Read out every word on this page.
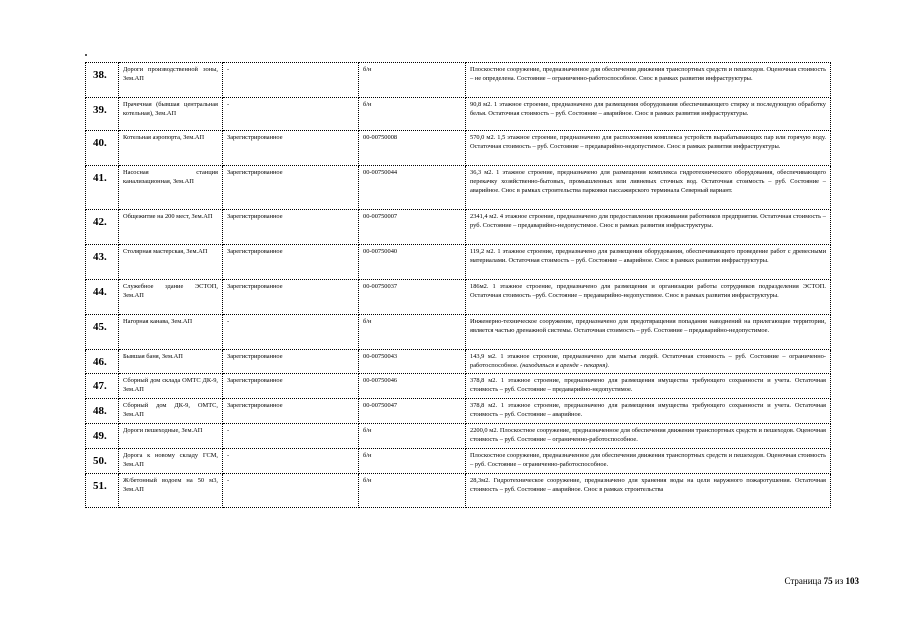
38.	Дороги производственной зоны, Зем.АП	-	б/н	Плоскостное сооружение, предназначенное для обеспечения движения транспортных средств и пешеходов. Оценочная стоимость – не определена. Состояние – ограниченно-работоспособное. Снос в рамках развития инфраструктуры.
39.	Прачечная (бывшая центральная котельная), Зем.АП	-	б/н	90,8 м2. 1 этажное строение, предназначено для размещения оборудования обеспечивающего стирку и последующую обработку белья. Остаточная стоимость – руб. Состояние – аварийное. Снос в рамках развития инфраструктуры.
40.	Котельная аэропорта, Зем.АП	Зарегистрированное	00-00750008	570,0 м2. 1,5 этажное строение, предназначено для расположения комплекса устройств вырабатывающих пар или горячую воду. Остаточная стоимость – руб. Состояние – предаварийно-недопустимое. Снос в рамках развития инфраструктуры.
41.	Насосная станция канализационная, Зем.АП	Зарегистрированное	00-00750044	36,3 м2. 1 этажное строение, предназначено для размещения комплекса гидротехнического оборудования, обеспечивающего перекачку хозяйственно-бытовых, промышленных или ливневых сточных вод. Остаточная стоимость – руб. Состояние – аварийное. Снос в рамках строительства парковки пассажирского терминала Северный вариант.
42.	Общежитие на 200 мест, Зем.АП	Зарегистрированное	00-00750007	2341,4 м2. 4 этажное строение, предназначено для предоставления проживания работников предприятия. Остаточная стоимость – руб. Состояние – предаварийно-недопустимое. Снос в рамках развития инфраструктуры.
43.	Столярная мастерская, Зем.АП	Зарегистрированное	00-00750040	119,2 м2. 1 этажное строение, предназначено для размещения оборудования, обеспечивающего проведение работ с древесными материалами. Остаточная стоимость – руб. Состояние – аварийное. Снос в рамках развития инфраструктуры.
44.	Служебное здание ЭСТОП, Зем.АП	Зарегистрированное	00-00750037	186м2. 1 этажное строение, предназначено для размещения и организации работы сотрудников подразделения ЭСТОП. Остаточная стоимость –руб. Состояние – предаварийно-недопустимое. Снос в рамках развития инфраструктуры.
45.	Нагорная канава, Зем.АП	-	б/н	Инженерно-техническое сооружение, предназначено для предотвращения попадания наводнений на прилегающие территории, является частью дренажной системы. Остаточная стоимость – руб. Состояние – предаварийно-недопустимое.
46.	Бывшая баня, Зем.АП	Зарегистрированное	00-00750043	143,9 м2. 1 этажное строение, предназначено для мытья людей. Остаточная стоимость – руб. Состояние – ограниченно-работоспособное. (находиться в аренде - пекарня).
47.	Сборный дом склада ОМТС ДК-9, Зем.АП	Зарегистрированное	00-00750046	378,8 м2. 1 этажное строение, предназначено для размещения имущества требующего сохранности и учета. Остаточная стоимость – руб. Состояние – предаварийно-недопустимое.
48.	Сборный дом ДК-9, ОМТС, Зем.АП	Зарегистрированное	00-00750047	378,8 м2. 1 этажное строение, предназначено для размещения имущества требующего сохранности и учета. Остаточная стоимость – руб. Состояние – аварийное.
49.	Дороги пешеходные, Зем.АП	-	б/н	2200,0 м2. Плоскостное сооружение, предназначенное для обеспечения движения транспортных средств и пешеходов. Оценочная стоимость – руб. Состояние – ограниченно-работоспособное.
50.	Дорога к новому складу ГСМ, Зем.АП	-	б/н	Плоскостное сооружение, предназначенное для обеспечения движения транспортных средств и пешеходов. Оценочная стоимость – руб. Состояние – ограниченно-работоспособное.
51.	Ж/бетонный водоем на 50 м3, Зем.АП	-	б/н	28,3м2. Гидротехническое сооружение, предназначено для хранения воды на цели наружного пожаротушения. Остаточная стоимость – руб. Состояние – аварийное. Снос в рамках строительства
Страница 75 из 103
